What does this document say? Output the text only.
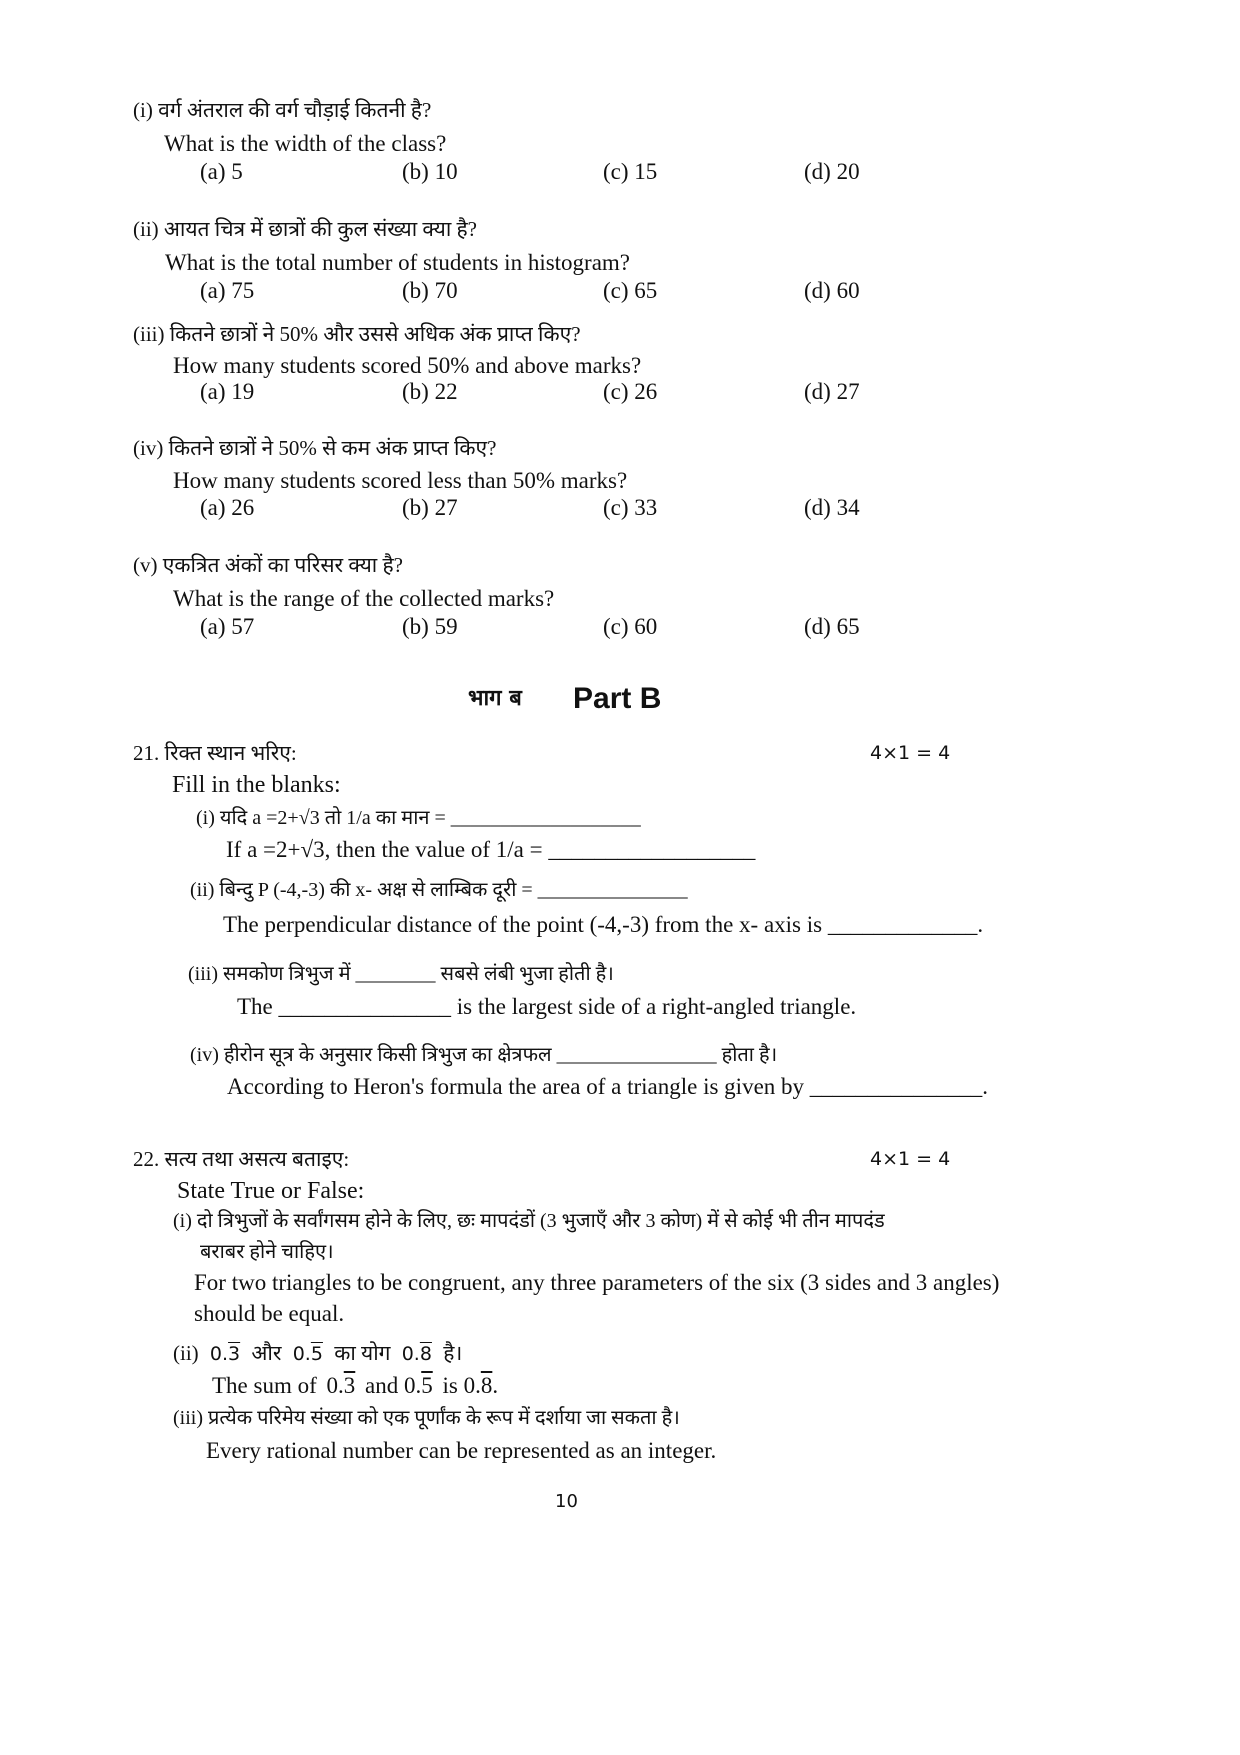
(i) वर्ग अंतराल की वर्ग चौड़ाई कितनी है?
What is the width of the class?
(a) 5	(b) 10	(c) 15	(d) 20
(ii) आयत चित्र में छात्रों की कुल संख्या क्या है?
What is the total number of students in histogram?
(a) 75	(b) 70	(c) 65	(d) 60
(iii) कितने छात्रों ने 50% और उससे अधिक अंक प्राप्त किए?
How many students scored 50% and above marks?
(a) 19	(b) 22	(c) 26	(d) 27
(iv) कितने छात्रों ने 50% से कम अंक प्राप्त किए?
How many students scored less than 50% marks?
(a) 26	(b) 27	(c) 33	(d) 34
(v) एकत्रित अंकों का परिसर क्या है?
What is the range of the collected marks?
(a) 57	(b) 59	(c) 60	(d) 65
भाग ब Part B
21. रिक्त स्थान भरिए:	4×1 = 4
Fill in the blanks:
(i) यदि a =2+√3 तो 1/a का मान = ___________________
If a =2+√3, then the value of 1/a = __________________
(ii) बिन्दु P (-4,-3) की x- अक्ष से लाम्बिक दूरी = _______________
The perpendicular distance of the point (-4,-3) from the x- axis is _____________.
(iii) समकोण त्रिभुज में ________ सबसे लंबी भुजा होती है।
The _______________ is the largest side of a right-angled triangle.
(iv) हीरोन सूत्र के अनुसार किसी त्रिभुज का क्षेत्रफल ________________ होता है।
According to Heron's formula the area of a triangle is given by _______________.
22. सत्य तथा असत्य बताइए:	4×1 = 4
State True or False:
(i) दो त्रिभुजों के सर्वांगसम होने के लिए, छः मापदंडों (3 भुजाएँ और 3 कोण) में से कोई भी तीन मापदंड
बराबर होने चाहिए।
For two triangles to be congruent, any three parameters of the six (3 sides and 3 angles)
should be equal.
(ii) 0.3 और 0.5 का योग 0.8 है।
The sum of 0.3 and 0.5 is 0.8.
(iii) प्रत्येक परिमेय संख्या को एक पूर्णांक के रूप में दर्शाया जा सकता है।
Every rational number can be represented as an integer.
10
